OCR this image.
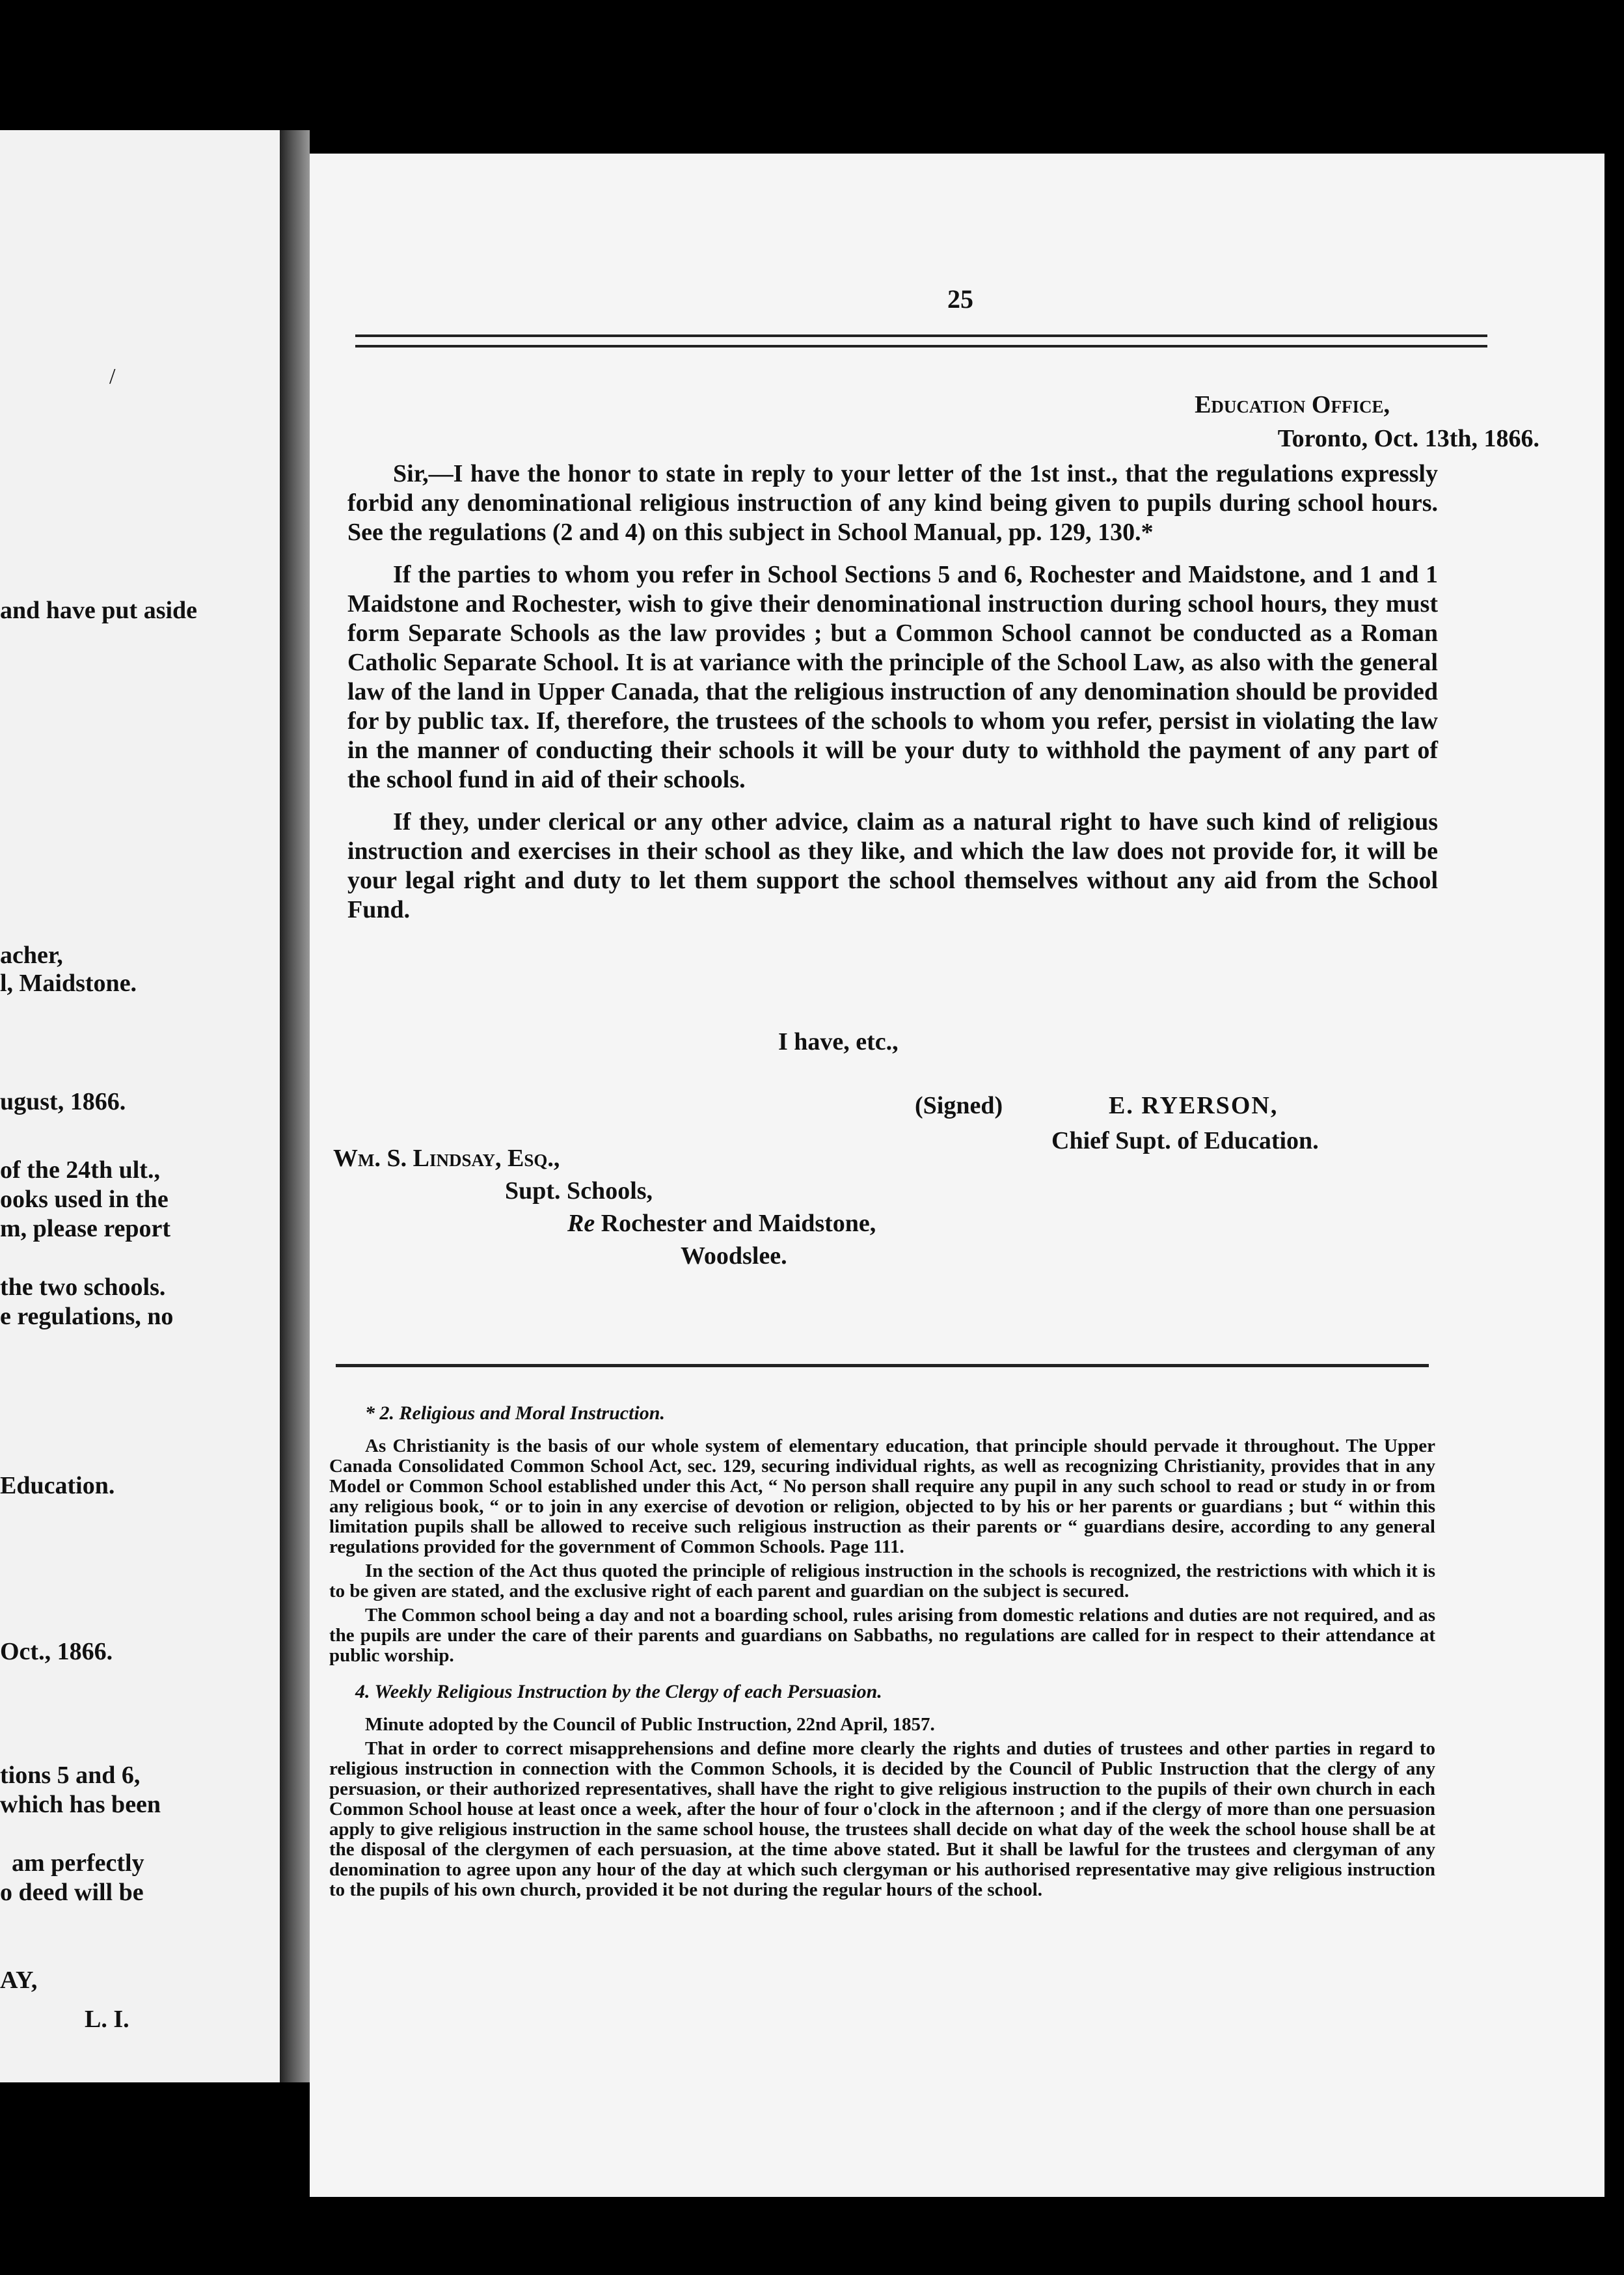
/
and have put aside
acher,
l, Maidstone.
ugust, 1866.
of the 24th ult.,
ooks used in the
m, please report
the two schools.
e regulations, no
Education.
Oct., 1866.
tions 5 and 6,
which has been
am perfectly
o deed will be
AY,
L. I.
25
Education Office,
Toronto, Oct. 13th, 1866.

Sir,—I have the honor to state in reply to your letter of the 1st inst., that the regulations expressly forbid any denominational religious instruction of any kind being given to pupils during school hours. See the regulations (2 and 4) on this subject in School Manual, pp. 129, 130.*

If the parties to whom you refer in School Sections 5 and 6, Rochester and Maidstone, and 1 and 1 Maidstone and Rochester, wish to give their denominational instruction during school hours, they must form Separate Schools as the law provides ; but a Common School cannot be conducted as a Roman Catholic Separate School. It is at variance with the principle of the School Law, as also with the general law of the land in Upper Canada, that the religious instruction of any denomination should be provided for by public tax. If, therefore, the trustees of the schools to whom you refer, persist in violating the law in the manner of conducting their schools it will be your duty to withhold the payment of any part of the school fund in aid of their schools.

If they, under clerical or any other advice, claim as a natural right to have such kind of religious instruction and exercises in their school as they like, and which the law does not provide for, it will be your legal right and duty to let them support the school themselves without any aid from the School Fund.

I have, etc.,
(Signed)	E. RYERSON,
Chief Supt. of Education.
Wm. S. Lindsay, Esq.,
Supt. Schools,
Re Rochester and Maidstone,
Woodslee.

* 2. Religious and Moral Instruction.

As Christianity is the basis of our whole system of elementary education, that principle should pervade it throughout. The Upper Canada Consolidated Common School Act, sec. 129, securing individual rights, as well as recognizing Christianity, provides that in any Model or Common School established under this Act, “ No person shall require any pupil in any such school to read or study in or from any religious book, “ or to join in any exercise of devotion or religion, objected to by his or her parents or guardians ; but “ within this limitation pupils shall be allowed to receive such religious instruction as their parents or “ guardians desire, according to any general regulations provided for the government of Common Schools. Page 111.

In the section of the Act thus quoted the principle of religious instruction in the schools is recognized, the restrictions with which it is to be given are stated, and the exclusive right of each parent and guardian on the subject is secured.

The Common school being a day and not a boarding school, rules arising from domestic relations and duties are not required, and as the pupils are under the care of their parents and guardians on Sabbaths, no regulations are called for in respect to their attendance at public worship.

4. Weekly Religious Instruction by the Clergy of each Persuasion.

Minute adopted by the Council of Public Instruction, 22nd April, 1857.

That in order to correct misapprehensions and define more clearly the rights and duties of trustees and other parties in regard to religious instruction in connection with the Common Schools, it is decided by the Council of Public Instruction that the clergy of any persuasion, or their authorized representatives, shall have the right to give religious instruction to the pupils of their own church in each Common School house at least once a week, after the hour of four o'clock in the afternoon ; and if the clergy of more than one persuasion apply to give religious instruction in the same school house, the trustees shall decide on what day of the week the school house shall be at the disposal of the clergymen of each persuasion, at the time above stated. But it shall be lawful for the trustees and clergyman of any denomination to agree upon any hour of the day at which such clergyman or his authorised representative may give religious instruction to the pupils of his own church, provided it be not during the regular hours of the school.
